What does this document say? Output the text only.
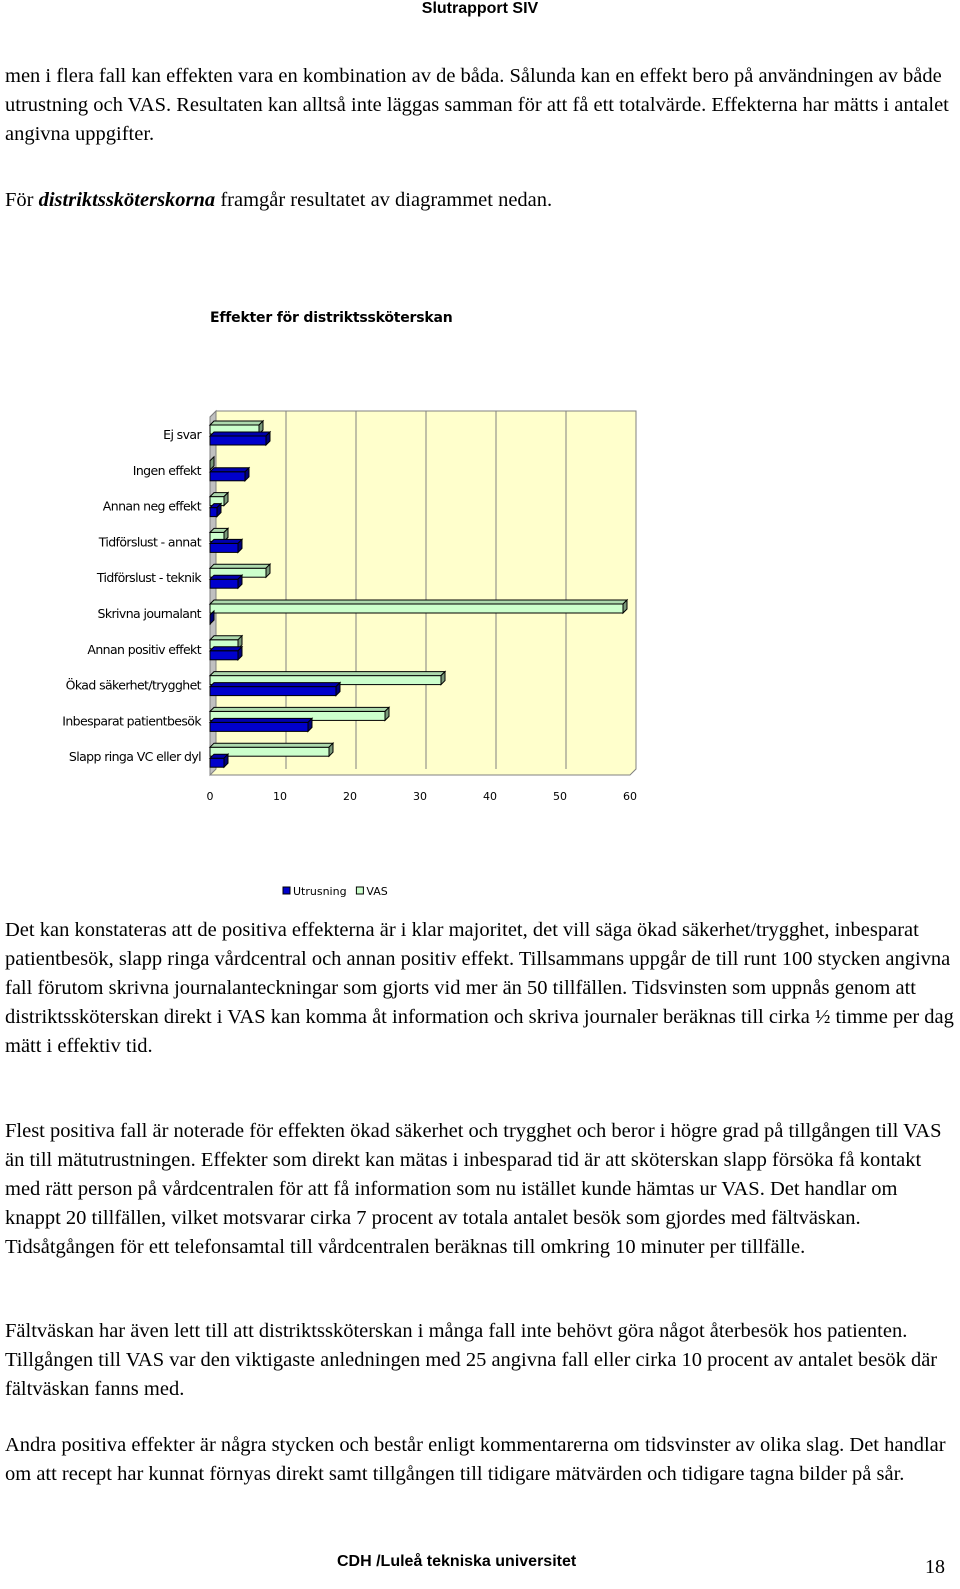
Slutrapport SIV

men i flera fall kan effekten vara en kombination av de båda. Sålunda kan en effekt bero på användningen av både utrustning och VAS. Resultaten kan alltså inte läggas samman för att få ett totalvärde. Effekterna har mätts i antalet angivna uppgifter.

För distriktssköterskorna framgår resultatet av diagrammet nedan.

Effekter för distriktssköterskan
Ej svar
Ingen effekt
Annan neg effekt
Tidförslust - annat
Tidförslust - teknik
Skrivna journalant
Annan positiv effekt
Ökad säkerhet/trygghet
Inbesparat patientbesök
Slapp ringa VC eller dyl
0	10	20	30	40	50	60
Utrusning VAS

Det kan konstateras att de positiva effekterna är i klar majoritet, det vill säga ökad säkerhet/trygghet, inbesparat patientbesök, slapp ringa vårdcentral och annan positiv effekt. Tillsammans uppgår de till runt 100 stycken angivna fall förutom skrivna journalanteckningar som gjorts vid mer än 50 tillfällen. Tidsvinsten som uppnås genom att distriktssköterskan direkt i VAS kan komma åt information och skriva journaler beräknas till cirka ½ timme per dag mätt i effektiv tid.

Flest positiva fall är noterade för effekten ökad säkerhet och trygghet och beror i högre grad på tillgången till VAS än till mätutrustningen. Effekter som direkt kan mätas i inbesparad tid är att sköterskan slapp försöka få kontakt med rätt person på vårdcentralen för att få information som nu istället kunde hämtas ur VAS. Det handlar om knappt 20 tillfällen, vilket motsvarar cirka 7 procent av totala antalet besök som gjordes med fältväskan. Tidsåtgången för ett telefonsamtal till vårdcentralen beräknas till omkring 10 minuter per tillfälle.

Fältväskan har även lett till att distriktssköterskan i många fall inte behövt göra något återbesök hos patienten. Tillgången till VAS var den viktigaste anledningen med 25 angivna fall eller cirka 10 procent av antalet besök där fältväskan fanns med.

Andra positiva effekter är några stycken och består enligt kommentarerna om tidsvinster av olika slag. Det handlar om att recept har kunnat förnyas direkt samt tillgången till tidigare mätvärden och tidigare tagna bilder på sår.

CDH /Luleå tekniska universitet	18
